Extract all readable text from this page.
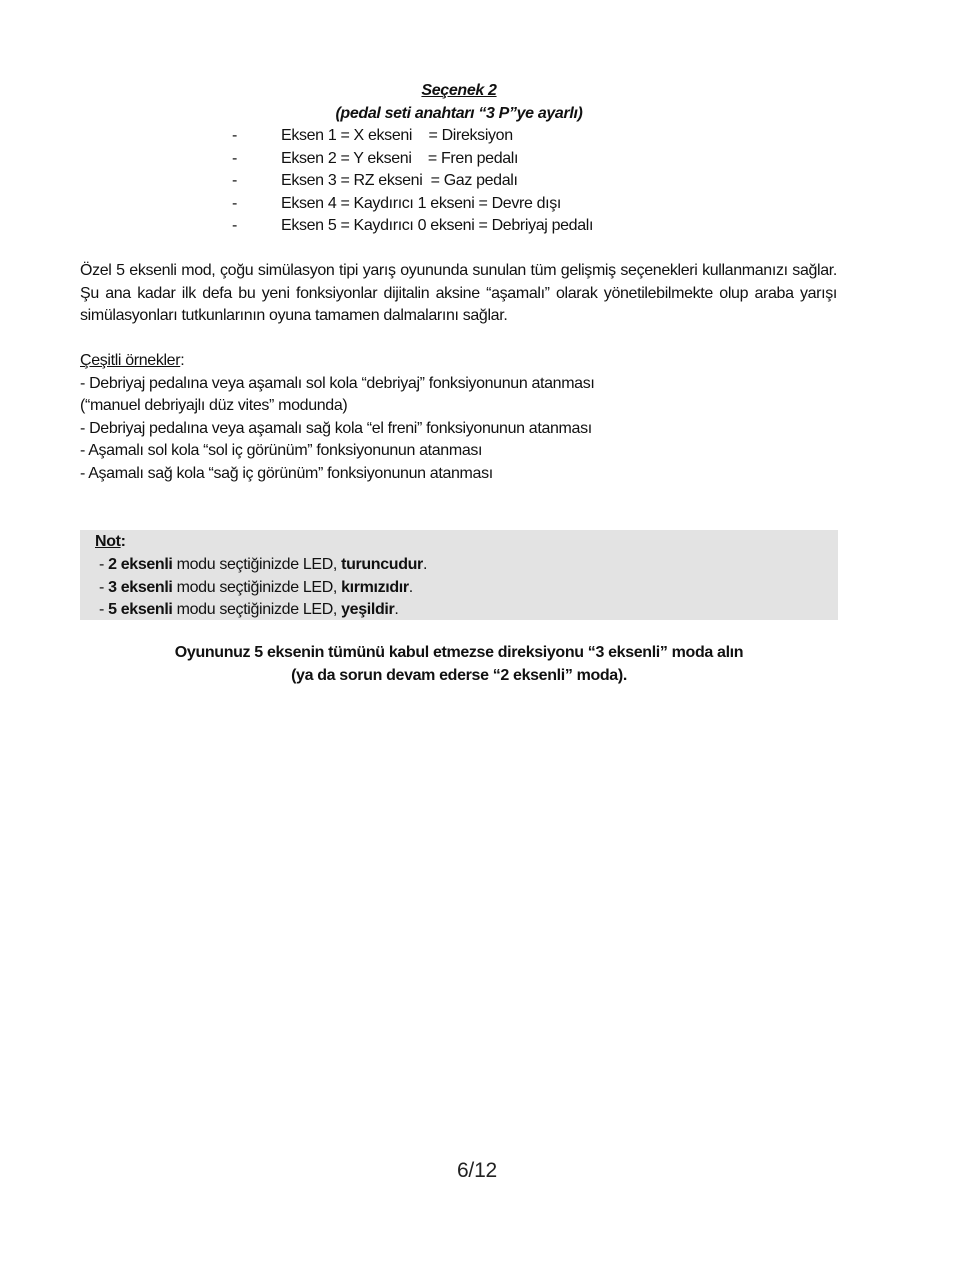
Seçenek 2
(pedal seti anahtarı “3 P”ye ayarlı)
-	Eksen 1 = X ekseni    = Direksiyon
-	Eksen 2 = Y ekseni    = Fren pedalı
-	Eksen 3 = RZ ekseni  = Gaz pedalı
-	Eksen 4 = Kaydırıcı 1 ekseni = Devre dışı
-	Eksen 5 = Kaydırıcı 0 ekseni = Debriyaj pedalı
Özel 5 eksenli mod, çoğu simülasyon tipi yarış oyununda sunulan tüm gelişmiş seçenekleri kullanmanızı sağlar. Şu ana kadar ilk defa bu yeni fonksiyonlar dijitalin aksine “aşamalı” olarak yönetilebilmekte olup araba yarışı simülasyonları tutkunlarının oyuna tamamen dalmalarını sağlar.
Çeşitli örnekler:
- Debriyaj pedalına veya aşamalı sol kola “debriyaj” fonksiyonunun atanması
(“manuel debriyajlı düz vites” modunda)
- Debriyaj pedalına veya aşamalı sağ kola “el freni” fonksiyonunun atanması
- Aşamalı sol kola “sol iç görünüm” fonksiyonunun atanması
- Aşamalı sağ kola “sağ iç görünüm” fonksiyonunun atanması
Not:
- 2 eksenli modu seçtiğinizde LED, turuncudur.
- 3 eksenli modu seçtiğinizde LED, kırmızıdır.
- 5 eksenli modu seçtiğinizde LED, yeşildir.
Oyununuz 5 eksenin tümünü kabul etmezse direksiyonu “3 eksenli” moda alın
(ya da sorun devam ederse “2 eksenli” moda).
6/12
